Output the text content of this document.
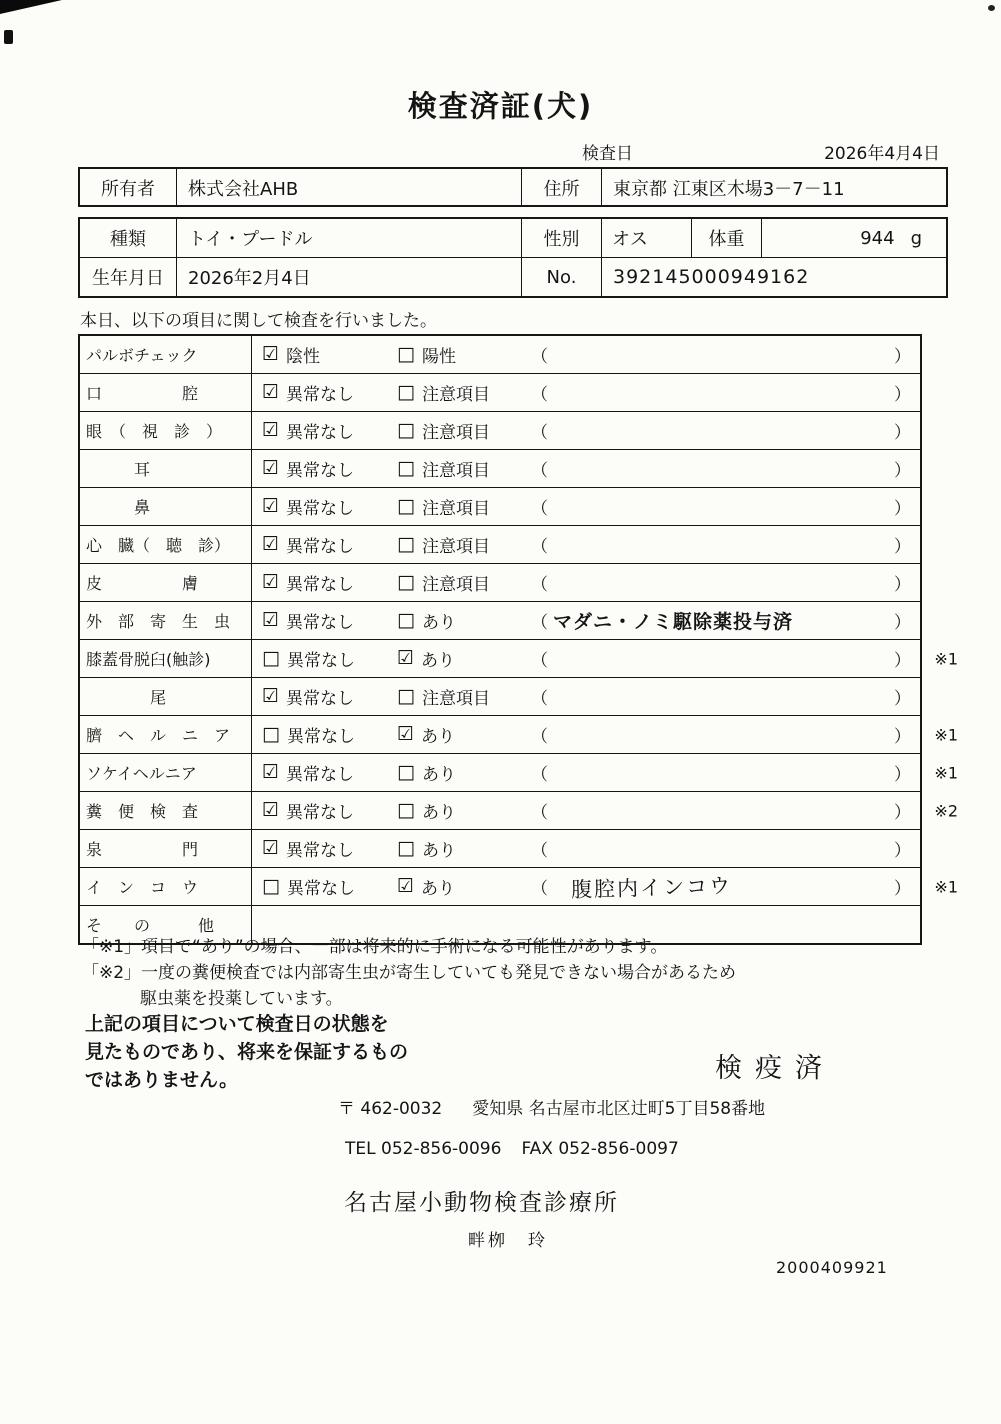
検査済証(犬)
検査日	2026年4月4日
所有者	株式会社AHB	住所	東京都 江東区木場3－7－11
種類	トイ・プードル	性別	オス	体重	944 g
生年月日	2026年2月4日	No.	392145000949162
本日、以下の項目に関して検査を行いました。
パルボチェック	☑ 陰性	□ 陽性	（	）
口　　　　　腔	☑ 異常なし □ 注意項目 （	）
眼　（　視　診　）	☑ 異常なし □ 注意項目 （	）
　　　耳	☑ 異常なし □ 注意項目 （	）
　　　鼻	☑ 異常なし □ 注意項目 （	）
心　臓（　聴　診）	☑ 異常なし □ 注意項目 （	）
皮　　　　　膚	☑ 異常なし □ 注意項目 （	）
外　部　寄　生　虫	☑ 異常なし □ あり	（ マダニ・ノミ駆除薬投与済	）
膝蓋骨脱臼(触診)	□ 異常なし ☑ あり	（	） ※1
　　　　尾	☑ 異常なし □ 注意項目 （	）
臍　ヘ　ル　ニ　ア	□ 異常なし ☑ あり	（	） ※1
ソケイヘルニア	☑ 異常なし □ あり	（	） ※1
糞　便　検　査	☑ 異常なし □ あり	（	） ※2
泉　　　　　門	☑ 異常なし □ あり	（	）
イ　ン　コ　ウ	□ 異常なし ☑ あり	（ 腹腔内インコウ	） ※1
そ　　の　　　他
「※1」項目で“あり”の場合、一部は将来的に手術になる可能性があります。
「※2」一度の糞便検査では内部寄生虫が寄生していても発見できない場合があるため
駆虫薬を投薬しています。
上記の項目について検査日の状態を
見たものであり、将来を保証するもの
ではありません。	検疫済
〒 462-0032 愛知県 名古屋市北区辻町5丁目58番地
TEL 052-856-0096 FAX 052-856-0097
名古屋小動物検査診療所
畔栁　玲
2000409921
